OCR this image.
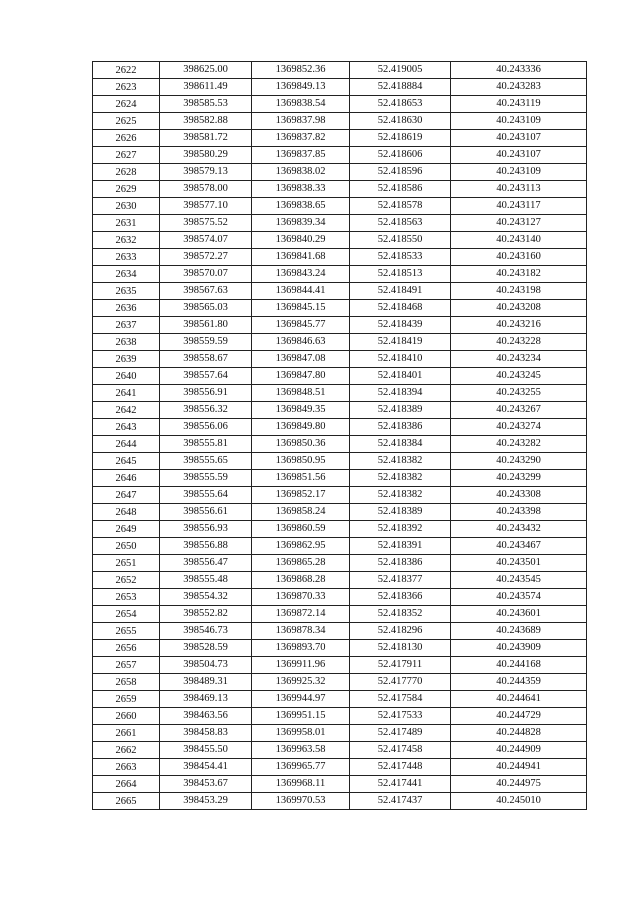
2622	398625.00	1369852.36	52.419005	40.243336
2623	398611.49	1369849.13	52.418884	40.243283
2624	398585.53	1369838.54	52.418653	40.243119
2625	398582.88	1369837.98	52.418630	40.243109
2626	398581.72	1369837.82	52.418619	40.243107
2627	398580.29	1369837.85	52.418606	40.243107
2628	398579.13	1369838.02	52.418596	40.243109
2629	398578.00	1369838.33	52.418586	40.243113
2630	398577.10	1369838.65	52.418578	40.243117
2631	398575.52	1369839.34	52.418563	40.243127
2632	398574.07	1369840.29	52.418550	40.243140
2633	398572.27	1369841.68	52.418533	40.243160
2634	398570.07	1369843.24	52.418513	40.243182
2635	398567.63	1369844.41	52.418491	40.243198
2636	398565.03	1369845.15	52.418468	40.243208
2637	398561.80	1369845.77	52.418439	40.243216
2638	398559.59	1369846.63	52.418419	40.243228
2639	398558.67	1369847.08	52.418410	40.243234
2640	398557.64	1369847.80	52.418401	40.243245
2641	398556.91	1369848.51	52.418394	40.243255
2642	398556.32	1369849.35	52.418389	40.243267
2643	398556.06	1369849.80	52.418386	40.243274
2644	398555.81	1369850.36	52.418384	40.243282
2645	398555.65	1369850.95	52.418382	40.243290
2646	398555.59	1369851.56	52.418382	40.243299
2647	398555.64	1369852.17	52.418382	40.243308
2648	398556.61	1369858.24	52.418389	40.243398
2649	398556.93	1369860.59	52.418392	40.243432
2650	398556.88	1369862.95	52.418391	40.243467
2651	398556.47	1369865.28	52.418386	40.243501
2652	398555.48	1369868.28	52.418377	40.243545
2653	398554.32	1369870.33	52.418366	40.243574
2654	398552.82	1369872.14	52.418352	40.243601
2655	398546.73	1369878.34	52.418296	40.243689
2656	398528.59	1369893.70	52.418130	40.243909
2657	398504.73	1369911.96	52.417911	40.244168
2658	398489.31	1369925.32	52.417770	40.244359
2659	398469.13	1369944.97	52.417584	40.244641
2660	398463.56	1369951.15	52.417533	40.244729
2661	398458.83	1369958.01	52.417489	40.244828
2662	398455.50	1369963.58	52.417458	40.244909
2663	398454.41	1369965.77	52.417448	40.244941
2664	398453.67	1369968.11	52.417441	40.244975
2665	398453.29	1369970.53	52.417437	40.245010
